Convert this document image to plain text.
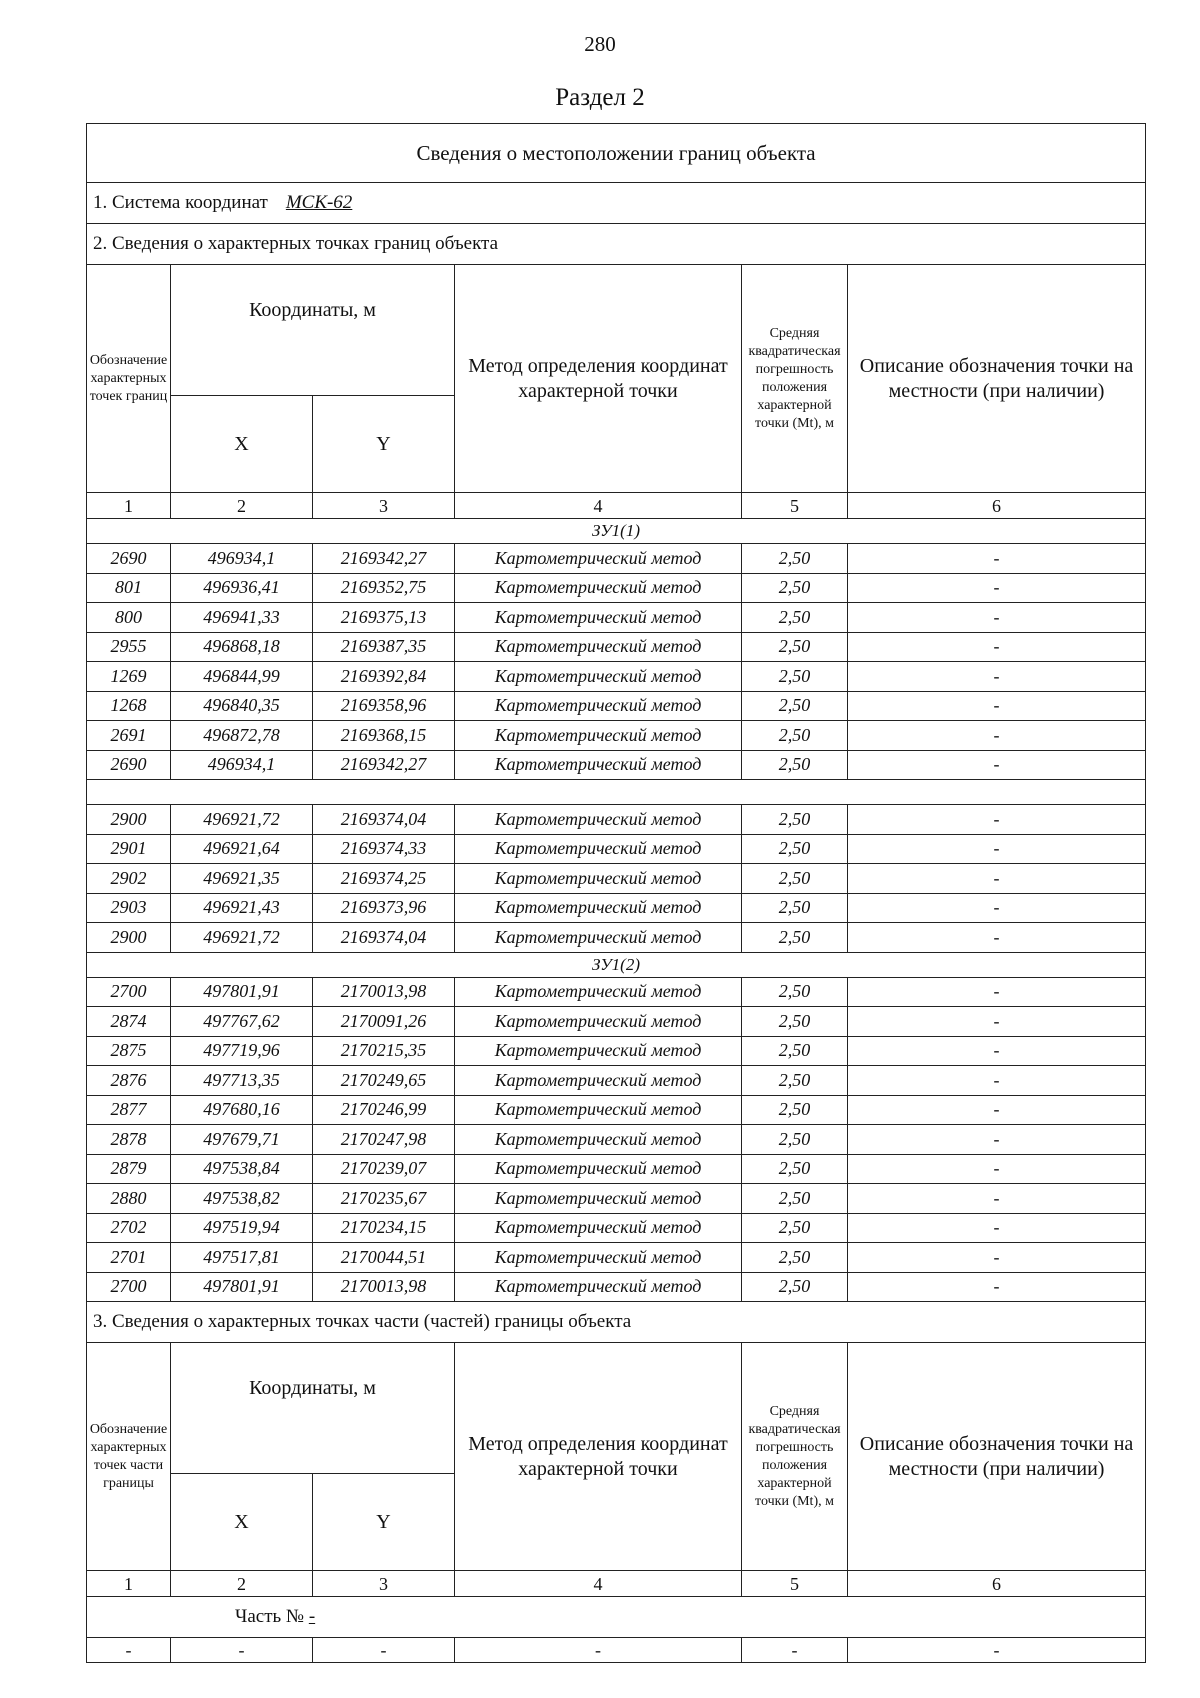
280
Раздел 2
Сведения о местоположении границ объекта					
1. Система координат МСК-62					
2. Сведения о характерных точках границ объекта					
Обозначение характерных точек границ	Координаты, м		Метод определения координат характерной точки	Средняя квадратическая погрешность положения характерной точки (Mt), м	Описание обозначения точки на местности (при наличии)
	X	Y			
1	2	3	4	5	6
ЗУ1(1)					
2690	496934,1	2169342,27	Картометрический метод	2,50	-
801	496936,41	2169352,75	Картометрический метод	2,50	-
800	496941,33	2169375,13	Картометрический метод	2,50	-
2955	496868,18	2169387,35	Картометрический метод	2,50	-
1269	496844,99	2169392,84	Картометрический метод	2,50	-
1268	496840,35	2169358,96	Картометрический метод	2,50	-
2691	496872,78	2169368,15	Картометрический метод	2,50	-
2690	496934,1	2169342,27	Картометрический метод	2,50	-

2900	496921,72	2169374,04	Картометрический метод	2,50	-
2901	496921,64	2169374,33	Картометрический метод	2,50	-
2902	496921,35	2169374,25	Картометрический метод	2,50	-
2903	496921,43	2169373,96	Картометрический метод	2,50	-
2900	496921,72	2169374,04	Картометрический метод	2,50	-
ЗУ1(2)					
2700	497801,91	2170013,98	Картометрический метод	2,50	-
2874	497767,62	2170091,26	Картометрический метод	2,50	-
2875	497719,96	2170215,35	Картометрический метод	2,50	-
2876	497713,35	2170249,65	Картометрический метод	2,50	-
2877	497680,16	2170246,99	Картометрический метод	2,50	-
2878	497679,71	2170247,98	Картометрический метод	2,50	-
2879	497538,84	2170239,07	Картометрический метод	2,50	-
2880	497538,82	2170235,67	Картометрический метод	2,50	-
2702	497519,94	2170234,15	Картометрический метод	2,50	-
2701	497517,81	2170044,51	Картометрический метод	2,50	-
2700	497801,91	2170013,98	Картометрический метод	2,50	-
3. Сведения о характерных точках части (частей) границы объекта					
Обозначение характерных точек части границы	Координаты, м		Метод определения координат характерной точки	Средняя квадратическая погрешность положения характерной точки (Mt), м	Описание обозначения точки на местности (при наличии)
	X	Y			
1	2	3	4	5	6
Часть № -					
-	-	-	-	-	-
